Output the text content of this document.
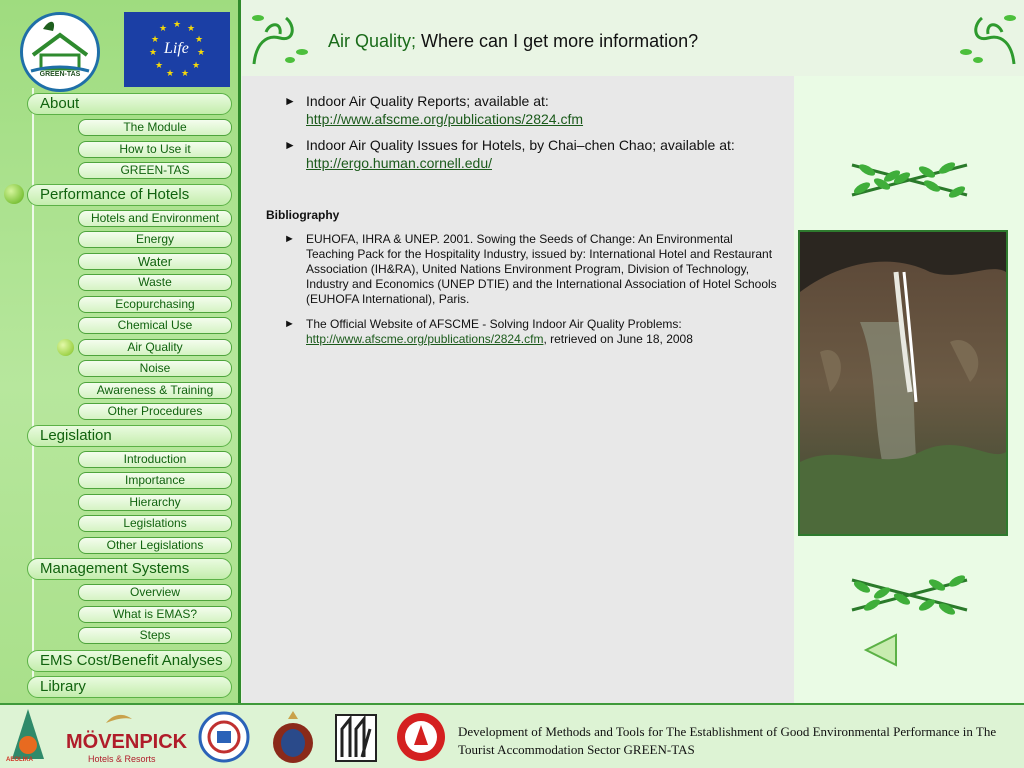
GREEN-TAS
★ ★
★
★
★
★
★
★
★
★
★
Life
About
The Module
How to Use it
GREEN-TAS
Performance of Hotels
Hotels and Environment
Energy
Water
Waste
Ecopurchasing
Chemical Use
Air Quality
Noise
Awareness & Training
Other Procedures
Legislation
Introduction
Importance
Hierarchy
Legislations
Other Legislations
Management Systems
Overview
What is EMAS?
Steps
EMS Cost/Benefit Analyses
Library
Air Quality; Where can I get more information?
► Indoor Air Quality Reports; available at:
http://www.afscme.org/publications/2824.cfm
► Indoor Air Quality Issues for Hotels, by Chai–chen Chao; available at:
http://ergo.human.cornell.edu/
Bibliography
► EUHOFA, IHRA & UNEP. 2001. Sowing the Seeds of Change: An Environmental Teaching Pack for the Hospitality Industry, issued by: International Hotel and Restaurant Association (IH&RA), United Nations Environment Program, Division of Technology, Industry and Economics (UNEP DTIE) and the International Association of Hotel Schools (EUHOFA International), Paris.
► The Official Website of AFSCME - Solving Indoor Air Quality Problems: http://www.afscme.org/publications/2824.cfm, retrieved on June 18, 2008
AEOLIKA
MÖVENPICK
Hotels & Resorts
Development of Methods and Tools for The Establishment of Good Environmental Performance in The Tourist Accommodation Sector GREEN-TAS
